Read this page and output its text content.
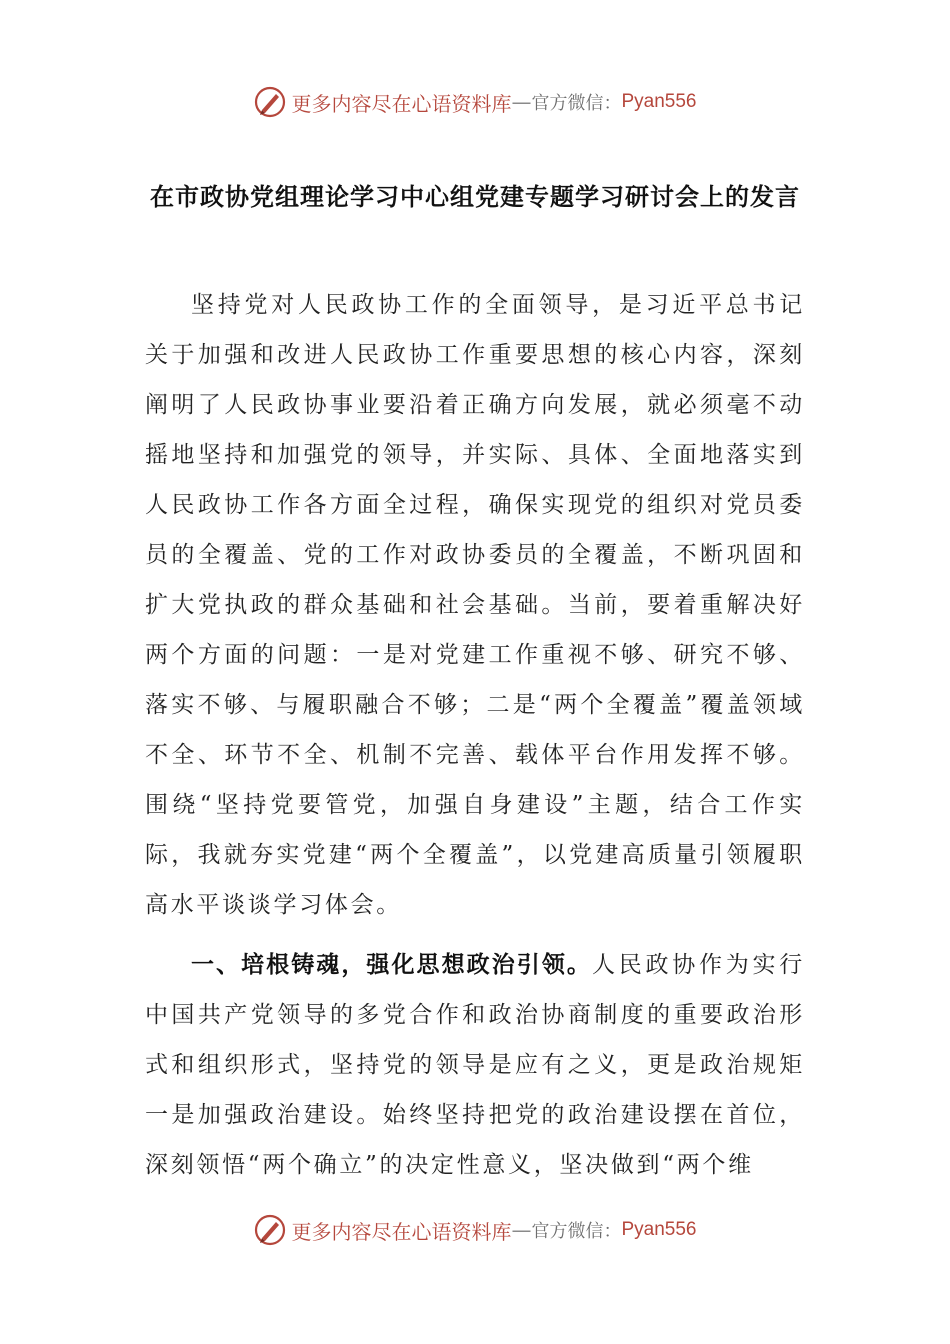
更多内容尽在心语资料库 — 官方微信： Pyan556
在市政协党组理论学习中心组党建专题学习研讨会上的发言

坚持党对人民政协工作的全面领导，是习近平总书记关于加强和改进人民政协工作重要思想的核心内容，深刻阐明了人民政协事业要沿着正确方向发展，就必须毫不动摇地坚持和加强党的领导，并实际、具体、全面地落实到人民政协工作各方面全过程，确保实现党的组织对党员委员的全覆盖、党的工作对政协委员的全覆盖，不断巩固和扩大党执政的群众基础和社会基础。当前，要着重解决好两个方面的问题：一是对党建工作重视不够、研究不够、落实不够、与履职融合不够；二是“两个全覆盖”覆盖领域不全、环节不全、机制不完善、载体平台作用发挥不够。围绕“坚持党要管党，加强自身建设”主题，结合工作实际，我就夯实党建“两个全覆盖”，以党建高质量引领履职高水平谈谈学习体会。

一、培根铸魂，强化思想政治引领。人民政协作为实行中国共产党领导的多党合作和政治协商制度的重要政治形式和组织形式，坚持党的领导是应有之义，更是政治规矩一是加强政治建设。始终坚持把党的政治建设摆在首位，深刻领悟“两个确立”的决定性意义，坚决做到“两个维

更多内容尽在心语资料库 — 官方微信： Pyan556
